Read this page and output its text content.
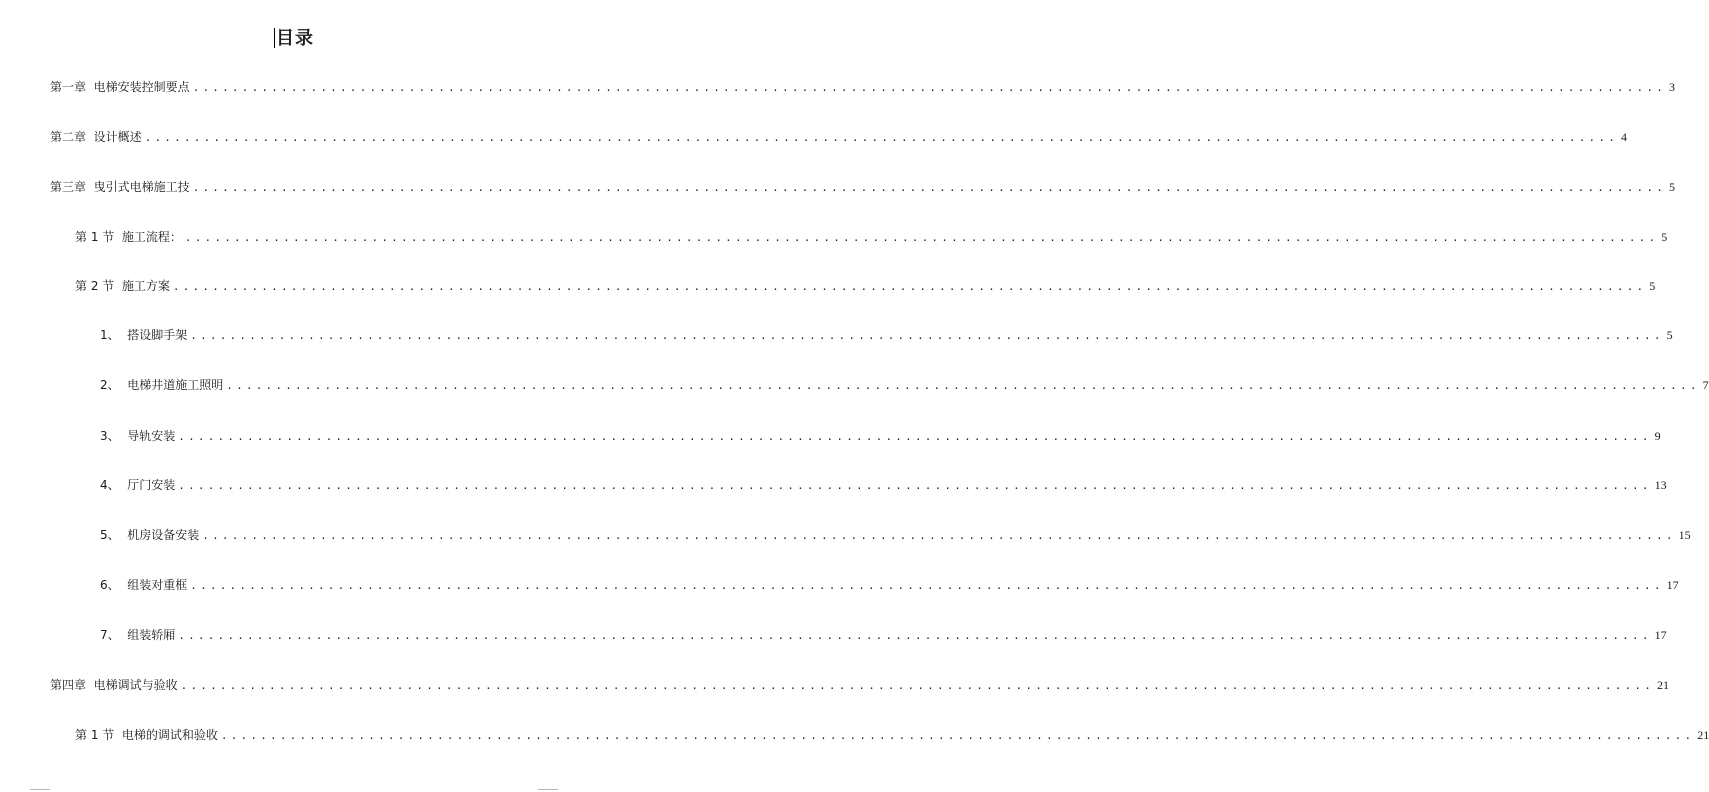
目录
第一章  电梯安装控制要点 ...................................................................................................................................................... 3
第二章  设计概述 ...................................................................................................................................................... 4
第三章  曳引式电梯施工技 ...................................................................................................................................................... 5
第 1 节  施工流程： ...................................................................................................................................................... 5
第 2 节  施工方案 ...................................................................................................................................................... 5
1、  搭设脚手架 ...................................................................................................................................................... 5
2、  电梯井道施工照明 ...................................................................................................................................................... 7
3、  导轨安装 ...................................................................................................................................................... 9
4、  厅门安装 ...................................................................................................................................................... 13
5、  机房设备安装 ...................................................................................................................................................... 15
6、  组装对重框 ...................................................................................................................................................... 17
7、  组装轿厢 ...................................................................................................................................................... 17
第四章  电梯调试与验收 ...................................................................................................................................................... 21
第 1 节  电梯的调试和验收 ...................................................................................................................................................... 21
